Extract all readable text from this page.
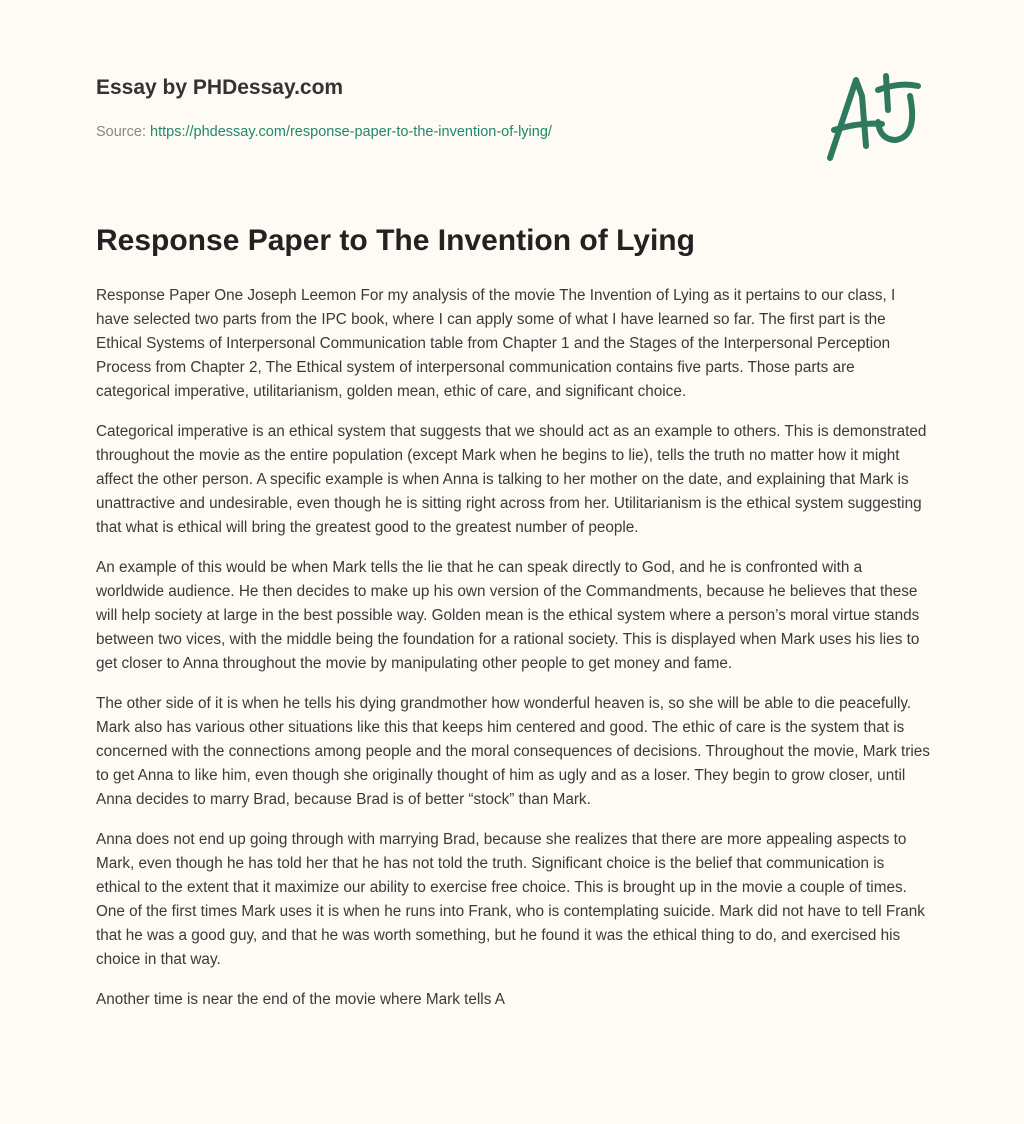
Essay by PHDessay.com
Source: https://phdessay.com/response-paper-to-the-invention-of-lying/
Response Paper to The Invention of Lying

Response Paper One Joseph Leemon For my analysis of the movie The Invention of Lying as it pertains to our class, I have selected two parts from the IPC book, where I can apply some of what I have learned so far. The first part is the Ethical Systems of Interpersonal Communication table from Chapter 1 and the Stages of the Interpersonal Perception Process from Chapter 2, The Ethical system of interpersonal communication contains five parts. Those parts are categorical imperative, utilitarianism, golden mean, ethic of care, and significant choice.

Categorical imperative is an ethical system that suggests that we should act as an example to others. This is demonstrated throughout the movie as the entire population (except Mark when he begins to lie), tells the truth no matter how it might affect the other person. A specific example is when Anna is talking to her mother on the date, and explaining that Mark is unattractive and undesirable, even though he is sitting right across from her. Utilitarianism is the ethical system suggesting that what is ethical will bring the greatest good to the greatest number of people.

An example of this would be when Mark tells the lie that he can speak directly to God, and he is confronted with a worldwide audience. He then decides to make up his own version of the Commandments, because he believes that these will help society at large in the best possible way. Golden mean is the ethical system where a person’s moral virtue stands between two vices, with the middle being the foundation for a rational society. This is displayed when Mark uses his lies to get closer to Anna throughout the movie by manipulating other people to get money and fame.

The other side of it is when he tells his dying grandmother how wonderful heaven is, so she will be able to die peacefully. Mark also has various other situations like this that keeps him centered and good. The ethic of care is the system that is concerned with the connections among people and the moral consequences of decisions. Throughout the movie, Mark tries to get Anna to like him, even though she originally thought of him as ugly and as a loser. They begin to grow closer, until Anna decides to marry Brad, because Brad is of better “stock” than Mark.

Anna does not end up going through with marrying Brad, because she realizes that there are more appealing aspects to Mark, even though he has told her that he has not told the truth. Significant choice is the belief that communication is ethical to the extent that it maximize our ability to exercise free choice. This is brought up in the movie a couple of times. One of the first times Mark uses it is when he runs into Frank, who is contemplating suicide. Mark did not have to tell Frank that he was a good guy, and that he was worth something, but he found it was the ethical thing to do, and exercised his choice in that way.

Another time is near the end of the movie where Mark tells A
